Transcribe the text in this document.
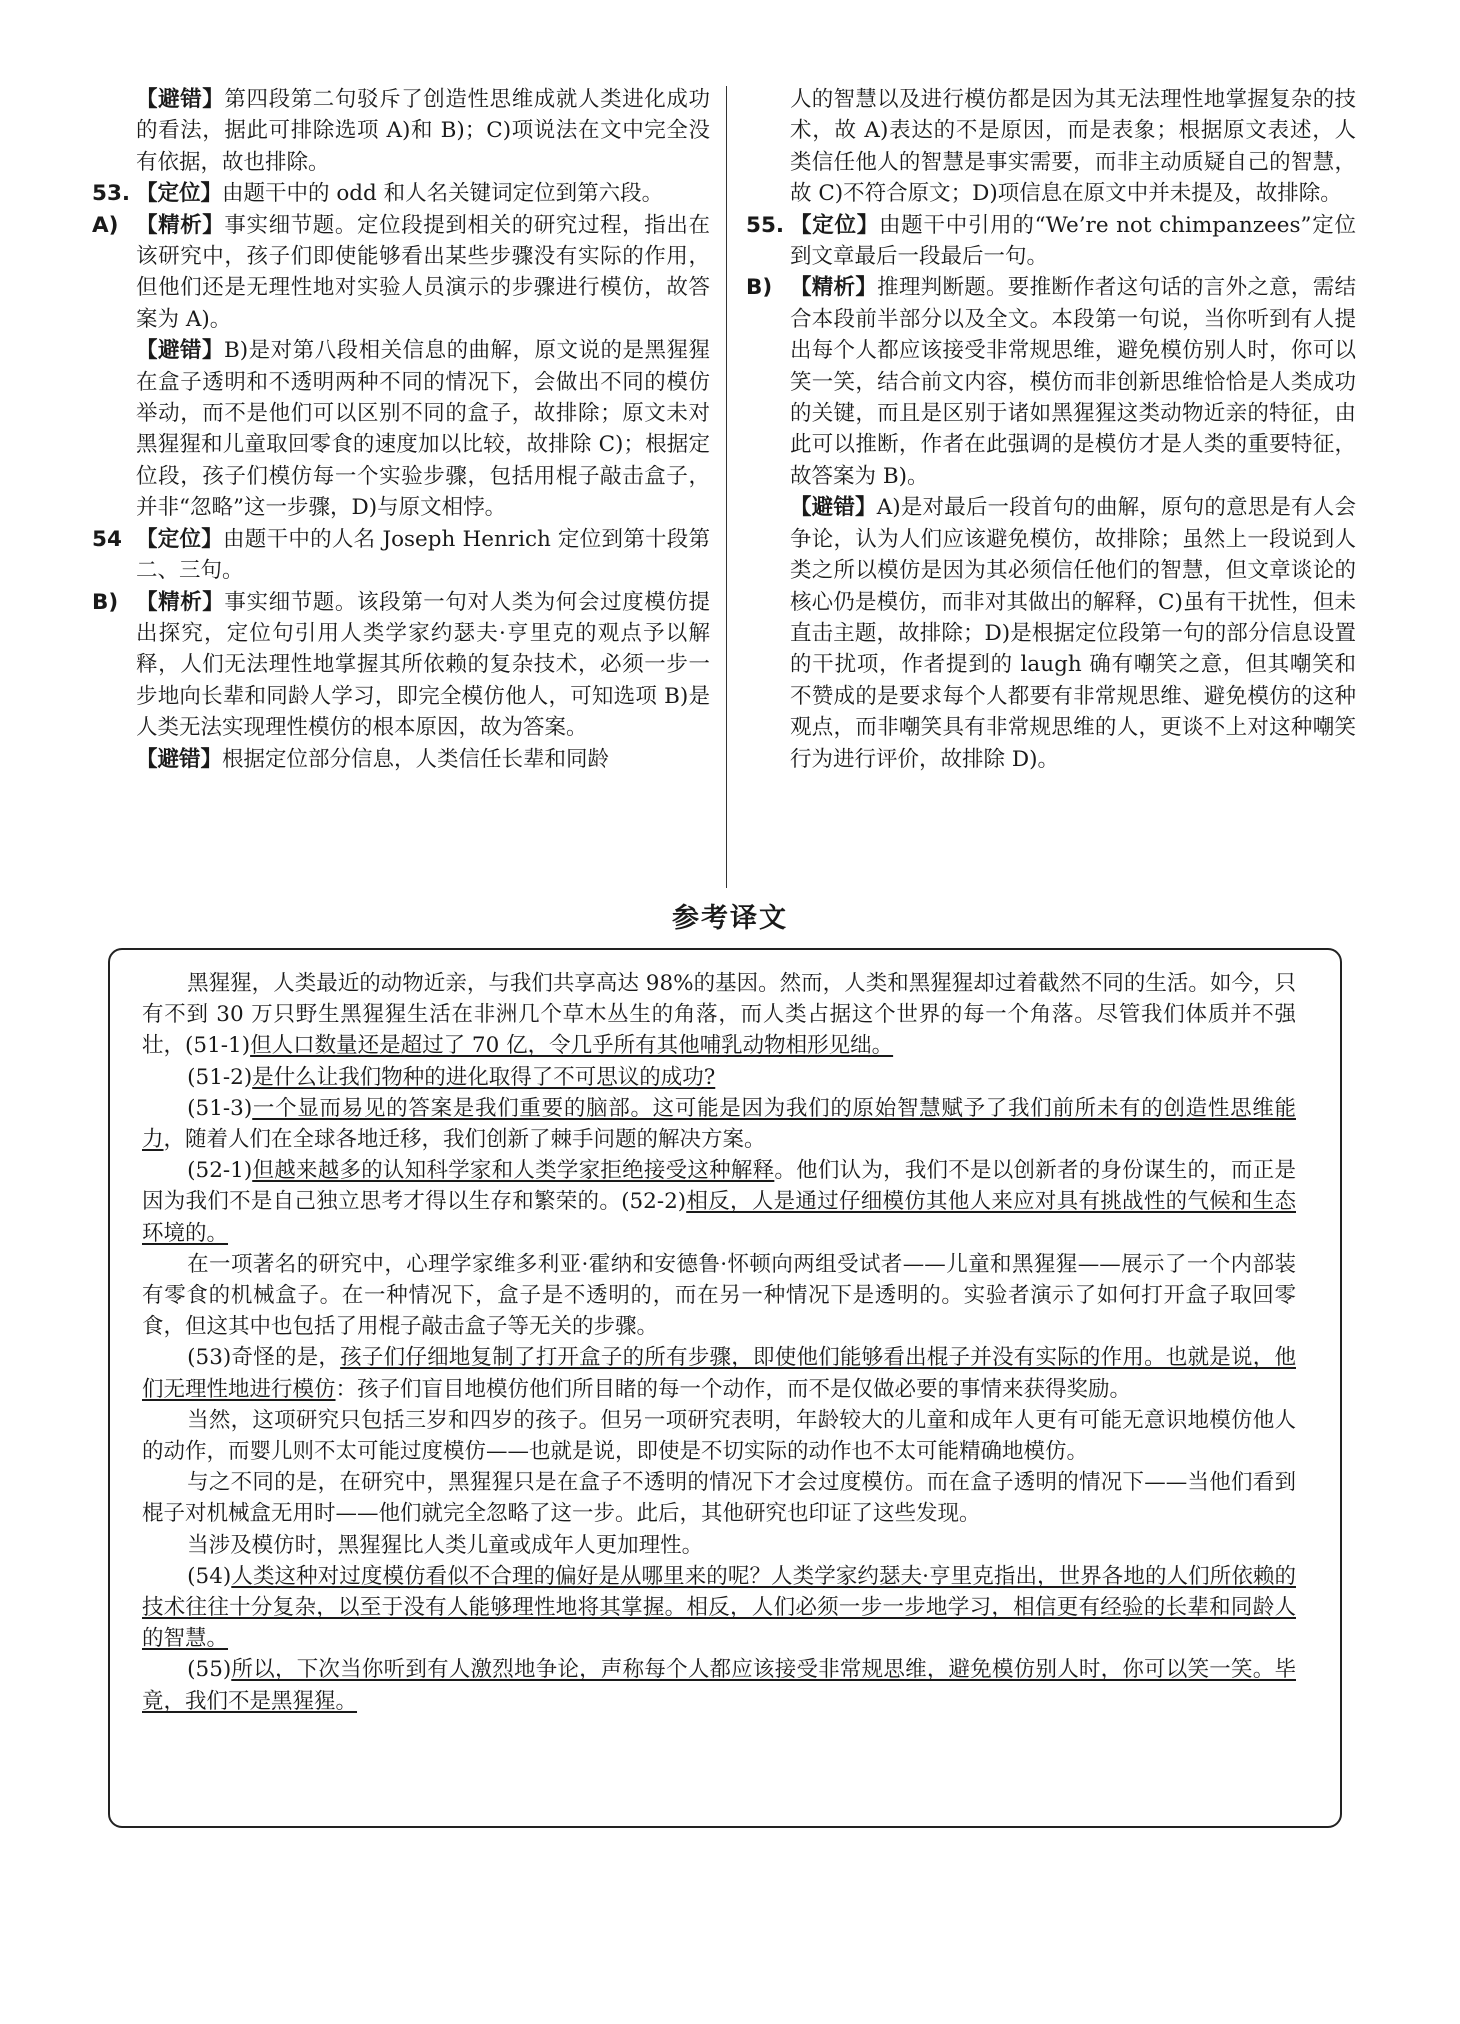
【避错】第四段第二句驳斥了创造性思维成就人类进化成功的看法，据此可排除选项 A)和 B)；C)项说法在文中完全没有依据，故也排除。
53. 【定位】由题干中的 odd 和人名关键词定位到第六段。
A) 【精析】事实细节题。定位段提到相关的研究过程，指出在该研究中，孩子们即使能够看出某些步骤没有实际的作用，但他们还是无理性地对实验人员演示的步骤进行模仿，故答案为 A)。
【避错】B)是对第八段相关信息的曲解，原文说的是黑猩猩在盒子透明和不透明两种不同的情况下，会做出不同的模仿举动，而不是他们可以区别不同的盒子，故排除；原文未对黑猩猩和儿童取回零食的速度加以比较，故排除 C)；根据定位段，孩子们模仿每一个实验步骤，包括用棍子敲击盒子，并非“忽略”这一步骤，D)与原文相悖。
54 【定位】由题干中的人名 Joseph Henrich 定位到第十段第二、三句。
B) 【精析】事实细节题。该段第一句对人类为何会过度模仿提出探究，定位句引用人类学家约瑟夫·亨里克的观点予以解释，人们无法理性地掌握其所依赖的复杂技术，必须一步一步地向长辈和同龄人学习，即完全模仿他人，可知选项 B)是人类无法实现理性模仿的根本原因，故为答案。
【避错】根据定位部分信息，人类信任长辈和同龄
人的智慧以及进行模仿都是因为其无法理性地掌握复杂的技术，故 A)表达的不是原因，而是表象；根据原文表述，人类信任他人的智慧是事实需要，而非主动质疑自己的智慧，故 C)不符合原文；D)项信息在原文中并未提及，故排除。
55. 【定位】由题干中引用的“We’re not chimpanzees”定位到文章最后一段最后一句。
B) 【精析】推理判断题。要推断作者这句话的言外之意，需结合本段前半部分以及全文。本段第一句说，当你听到有人提出每个人都应该接受非常规思维，避免模仿别人时，你可以笑一笑，结合前文内容，模仿而非创新思维恰恰是人类成功的关键，而且是区别于诸如黑猩猩这类动物近亲的特征，由此可以推断，作者在此强调的是模仿才是人类的重要特征，故答案为 B)。
【避错】A)是对最后一段首句的曲解，原句的意思是有人会争论，认为人们应该避免模仿，故排除；虽然上一段说到人类之所以模仿是因为其必须信任他们的智慧，但文章谈论的核心仍是模仿，而非对其做出的解释，C)虽有干扰性，但未直击主题，故排除；D)是根据定位段第一句的部分信息设置的干扰项，作者提到的 laugh 确有嘲笑之意，但其嘲笑和不赞成的是要求每个人都要有非常规思维、避免模仿的这种观点，而非嘲笑具有非常规思维的人，更谈不上对这种嘲笑行为进行评价，故排除 D)。
参考译文

黑猩猩，人类最近的动物近亲，与我们共享高达 98%的基因。然而，人类和黑猩猩却过着截然不同的生活。如今，只有不到 30 万只野生黑猩猩生活在非洲几个草木丛生的角落，而人类占据这个世界的每一个角落。尽管我们体质并不强壮，(51-1)但人口数量还是超过了 70 亿，令几乎所有其他哺乳动物相形见绌。

(51-2)是什么让我们物种的进化取得了不可思议的成功?

(51-3)一个显而易见的答案是我们重要的脑部。这可能是因为我们的原始智慧赋予了我们前所未有的创造性思维能力，随着人们在全球各地迁移，我们创新了棘手问题的解决方案。

(52-1)但越来越多的认知科学家和人类学家拒绝接受这种解释。他们认为，我们不是以创新者的身份谋生的，而正是因为我们不是自己独立思考才得以生存和繁荣的。(52-2)相反，人是通过仔细模仿其他人来应对具有挑战性的气候和生态环境的。

在一项著名的研究中，心理学家维多利亚·霍纳和安德鲁·怀顿向两组受试者——儿童和黑猩猩——展示了一个内部装有零食的机械盒子。在一种情况下，盒子是不透明的，而在另一种情况下是透明的。实验者演示了如何打开盒子取回零食，但这其中也包括了用棍子敲击盒子等无关的步骤。

(53)奇怪的是，孩子们仔细地复制了打开盒子的所有步骤，即使他们能够看出棍子并没有实际的作用。也就是说，他们无理性地进行模仿：孩子们盲目地模仿他们所目睹的每一个动作，而不是仅做必要的事情来获得奖励。

当然，这项研究只包括三岁和四岁的孩子。但另一项研究表明，年龄较大的儿童和成年人更有可能无意识地模仿他人的动作，而婴儿则不太可能过度模仿——也就是说，即使是不切实际的动作也不太可能精确地模仿。

与之不同的是，在研究中，黑猩猩只是在盒子不透明的情况下才会过度模仿。而在盒子透明的情况下——当他们看到棍子对机械盒无用时——他们就完全忽略了这一步。此后，其他研究也印证了这些发现。

当涉及模仿时，黑猩猩比人类儿童或成年人更加理性。

(54)人类这种对过度模仿看似不合理的偏好是从哪里来的呢？人类学家约瑟夫·亨里克指出，世界各地的人们所依赖的技术往往十分复杂，以至于没有人能够理性地将其掌握。相反，人们必须一步一步地学习，相信更有经验的长辈和同龄人的智慧。

(55)所以，下次当你听到有人激烈地争论，声称每个人都应该接受非常规思维，避免模仿别人时，你可以笑一笑。毕竟，我们不是黑猩猩。
